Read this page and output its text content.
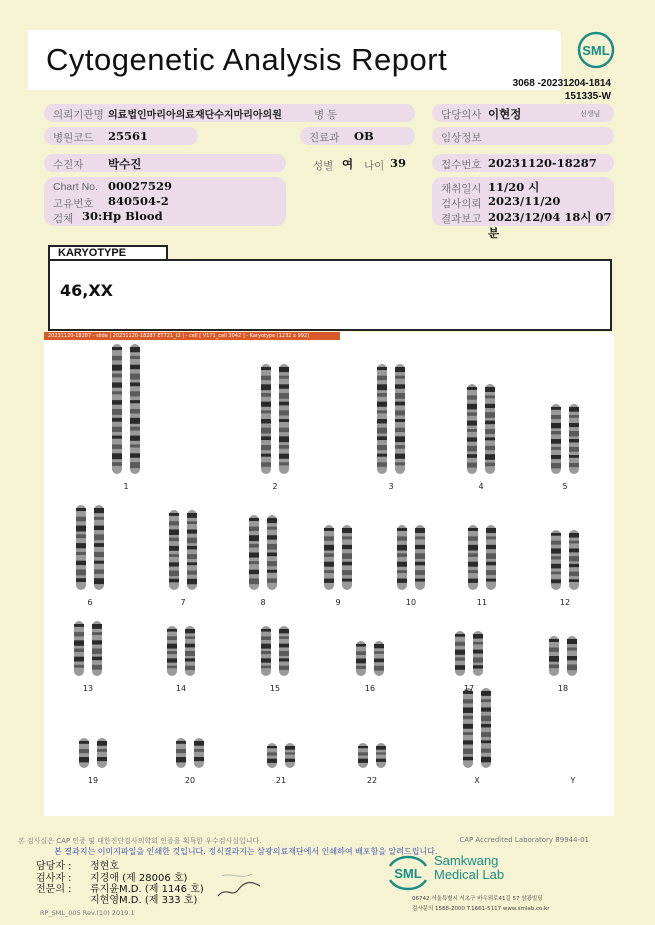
Cytogenetic Analysis Report	SML
3068 -20231204-1814
151335-W
의뢰기관명 의료법인마리아의료재단수지마리아의원	병 동	담당의사 이현정	선생님
병원코드 25561	진료과 OB	임상정보
수진자 박수진	성별 여 나이 39	접수번호 20231120-18287
Chart No. 00027529
고유번호 840504-2
검체 30:Hp Blood
채취일시 11/20 시
검사의뢰 2023/11/20
결과보고 2023/12/04 18시 07분
KARYOTYPE
46,XX
20231120-18287 - slide | 20231120-18287 ET721_t2 | - cell [ V171_cell 3042 ] - Karyotype (1232 x 992)
1	2	3	4	5
6	7	8	9	10	11	12
13	14	15	16	17	18
19	20	21	22	X	Y
본 검사실은 CAP 인증 및 대한진단검사의학회 인증을 획득한 우수검사실입니다.	CAP Accredited Laboratory 89944-01
본 결과지는 이미지파일을 인쇄한 것입니다. 정식결과지는 삼광의료재단에서 인쇄하여 배포함을 알려드립니다.
담당자 : 정현호
검사자 : 지경애 (제 28006 호)
전문의 : 류지윤M.D. (제 1146 호)
지현영M.D. (제 333 호)
RP_SML_005 Rev.(10) 2019.1
SML
Samkwang
Medical Lab
06742 서울특별시 서초구 바우뫼로41길 57 삼광빌딩
검사문의 1588-2000 T.1661-5117 www.smlab.co.kr
